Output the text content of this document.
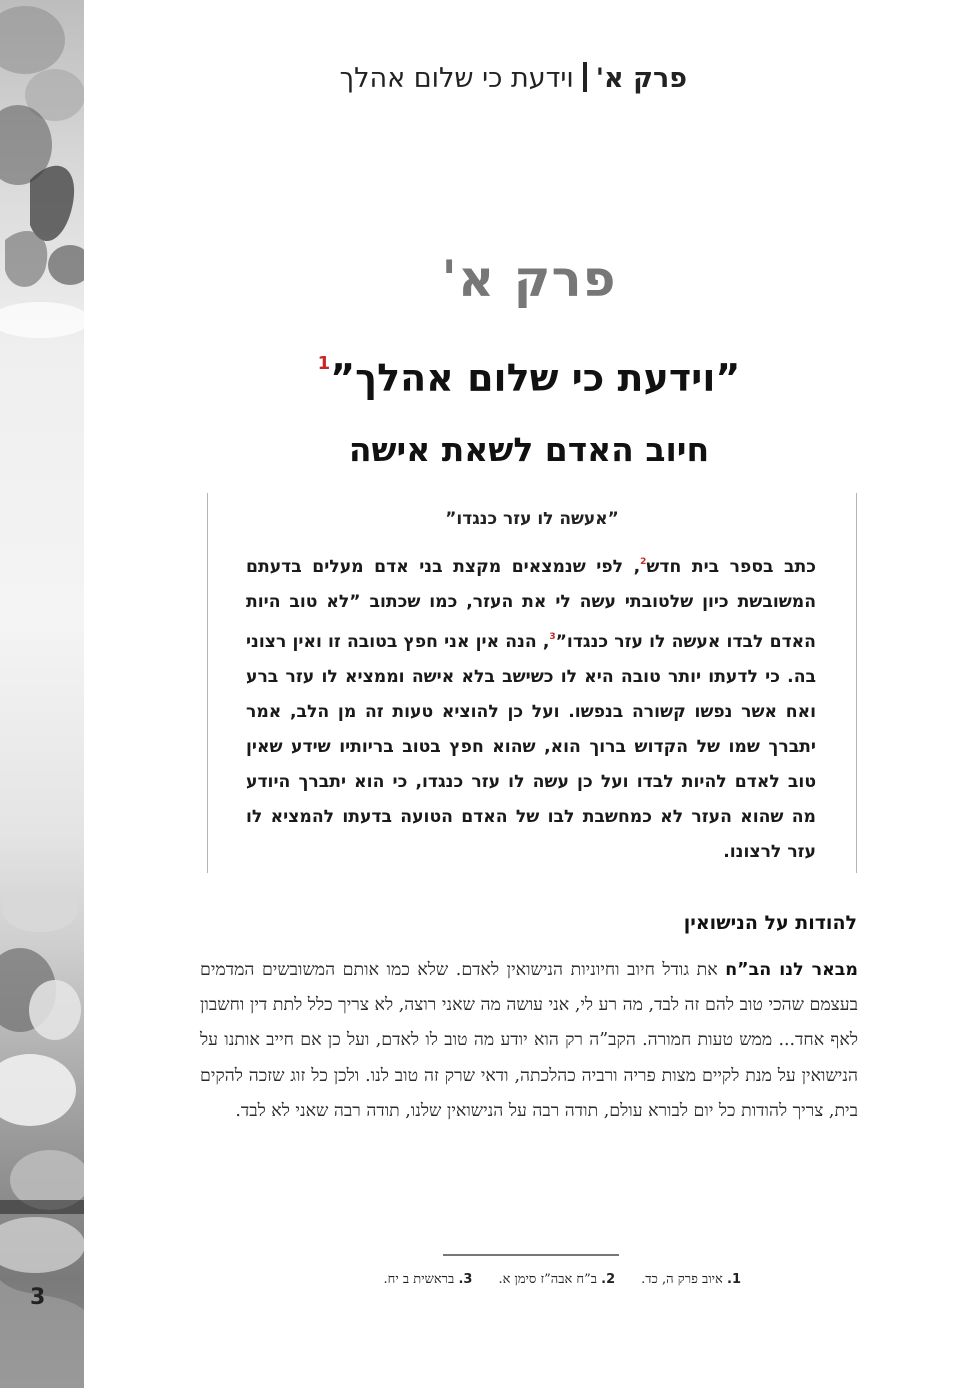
3
פרק א'וידעת כי שלום אהלך
פרק א'
”וידעת כי שלום אהלך”$^1$
חיוב האדם לשאת אישה
”אעשה לו עזר כנגדו”
כתב בספר בית חדש$^2$, לפי שנמצאים מקצת בני אדם מעלים בדעתם המשובשת כיון שלטובתי עשה לי את העזר, כמו שכתוב ”לא טוב היות האדם לבדו אעשה לו עזר כנגדו”$^3$, הנה אין אני חפץ בטובה זו ואין רצוני בה. כי לדעתו יותר טובה היא לו כשישב בלא אישה וממציא לו עזר ברע ואח אשר נפשו קשורה בנפשו. ועל כן להוציא טעות זה מן הלב, אמר יתברך שמו של הקדוש ברוך הוא, שהוא חפץ בטוב בריותיו שידע שאין טוב לאדם להיות לבדו ועל כן עשה לו עזר כנגדו, כי הוא יתברך היודע מה שהוא העזר לא כמחשבת לבו של האדם הטועה בדעתו להמציא לו עזר לרצונו.
להודות על הנישואין
מבאר לנו הב”ח את גודל חיוב וחיוניות הנישואין לאדם. שלא כמו אותם המשובשים המדמים בעצמם שהכי טוב להם זה לבד, מה רע לי, אני עושה מה שאני רוצה, לא צריך כלל לתת דין וחשבון לאף אחד... ממש טעות חמורה. הקב”ה רק הוא יודע מה טוב לו לאדם, ועל כן אם חייב אותנו על הנישואין על מנת לקיים מצות פריה ורביה כהלכתה, ודאי שרק זה טוב לנו. ולכן כל זוג שזכה להקים בית, צריך להודות כל יום לבורא עולם, תודה רבה על הנישואין שלנו, תודה רבה שאני לא לבד.
1. איוב פרק ה, כד.2. ב”ח אבה”ז סימן א.3. בראשית ב יח.
